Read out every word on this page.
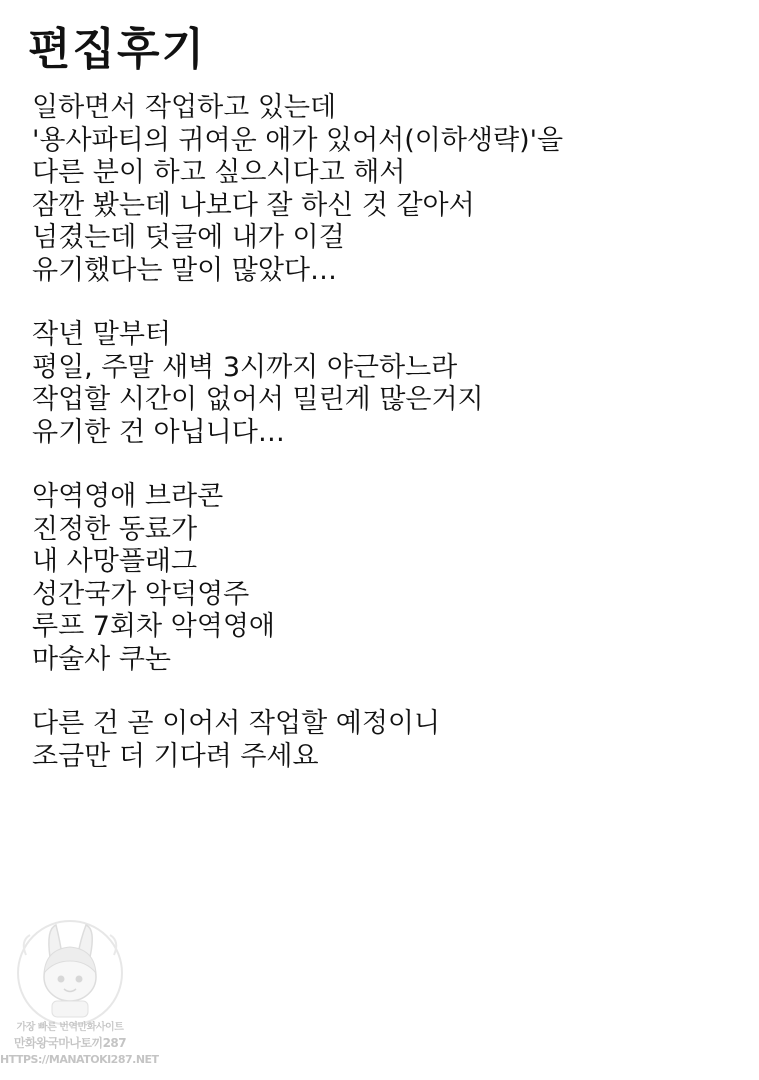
편집후기

일하면서 작업하고 있는데
'용사파티의 귀여운 애가 있어서(이하생략)'을
다른 분이 하고 싶으시다고 해서
잠깐 봤는데 나보다 잘 하신 것 같아서
넘겼는데 덧글에 내가 이걸
유기했다는 말이 많았다…

작년 말부터
평일, 주말 새벽 3시까지 야근하느라
작업할 시간이 없어서 밀린게 많은거지
유기한 건 아닙니다…

악역영애 브라콘
진정한 동료가
내 사망플래그
성간국가 악덕영주
루프 7회차 악역영애
마술사 쿠논

다른 건 곧 이어서 작업할 예정이니
조금만 더 기다려 주세요

가장 빠른 번역만화사이트
만화왕국마나토끼287
HTTPS://MANATOKI287.NET
